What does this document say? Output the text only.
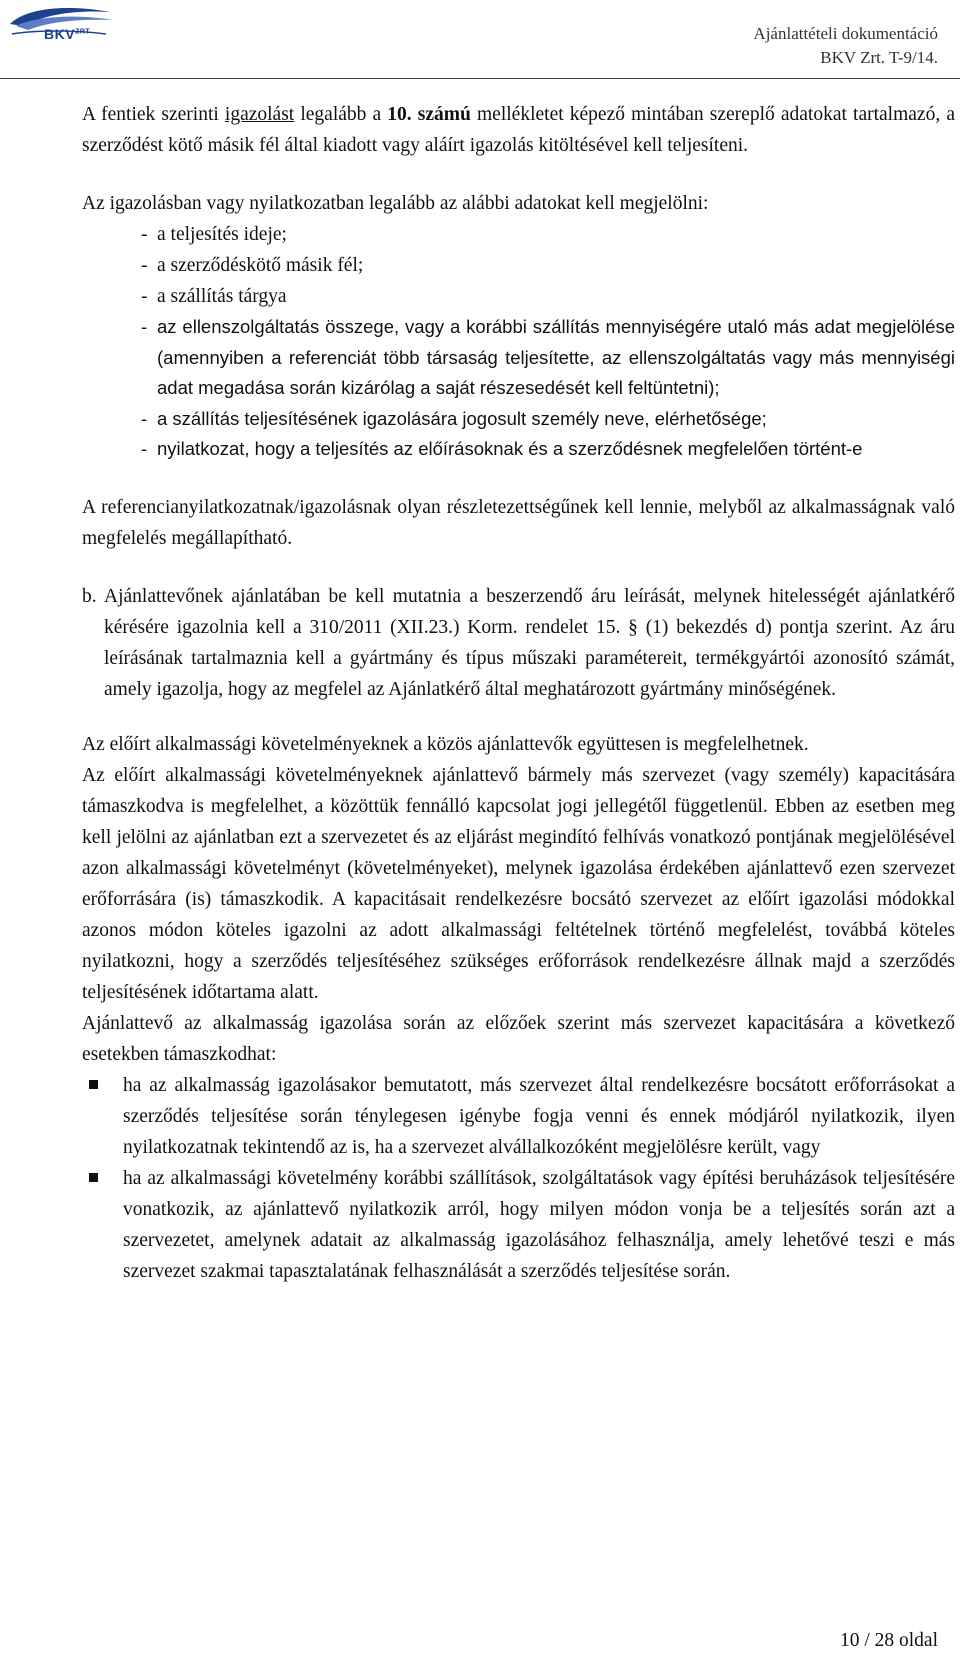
$BKV^{ZRT}$	Ajánlattételi dokumentáció
BKV Zrt. T-9/14.

A fentiek szerinti igazolást legalább a 10. számú mellékletet képező mintában szereplő adatokat tartalmazó, a szerződést kötő másik fél által kiadott vagy aláírt igazolás kitöltésével kell teljesíteni.

Az igazolásban vagy nyilatkozatban legalább az alábbi adatokat kell megjelölni:

- a teljesítés ideje;
- a szerződéskötő másik fél;
- a szállítás tárgya
- az ellenszolgáltatás összege, vagy a korábbi szállítás mennyiségére utaló más adat megjelölése (amennyiben a referenciát több társaság teljesítette, az ellenszolgáltatás vagy más mennyiségi adat megadása során kizárólag a saját részesedését kell feltüntetni);
- a szállítás teljesítésének igazolására jogosult személy neve, elérhetősége;
- nyilatkozat, hogy a teljesítés az előírásoknak és a szerződésnek megfelelően történt-e

A referencianyilatkozatnak/igazolásnak olyan részletezettségűnek kell lennie, melyből az alkalmasságnak való megfelelés megállapítható.

b. Ajánlattevőnek ajánlatában be kell mutatnia a beszerzendő áru leírását, melynek hitelességét ajánlatkérő kérésére igazolnia kell a 310/2011 (XII.23.) Korm. rendelet 15. § (1) bekezdés d) pontja szerint. Az áru leírásának tartalmaznia kell a gyártmány és típus műszaki paramétereit, termékgyártói azonosító számát, amely igazolja, hogy az megfelel az Ajánlatkérő által meghatározott gyártmány minőségének.

Az előírt alkalmassági követelményeknek a közös ajánlattevők együttesen is megfelelhetnek.

Az előírt alkalmassági követelményeknek ajánlattevő bármely más szervezet (vagy személy) kapacitására támaszkodva is megfelelhet, a közöttük fennálló kapcsolat jogi jellegétől függetlenül. Ebben az esetben meg kell jelölni az ajánlatban ezt a szervezetet és az eljárást megindító felhívás vonatkozó pontjának megjelölésével azon alkalmassági követelményt (követelményeket), melynek igazolása érdekében ajánlattevő ezen szervezet erőforrására (is) támaszkodik. A kapacitásait rendelkezésre bocsátó szervezet az előírt igazolási módokkal azonos módon köteles igazolni az adott alkalmassági feltételnek történő megfelelést, továbbá köteles nyilatkozni, hogy a szerződés teljesítéséhez szükséges erőforrások rendelkezésre állnak majd a szerződés teljesítésének időtartama alatt.

Ajánlattevő az alkalmasság igazolása során az előzőek szerint más szervezet kapacitására a következő esetekben támaszkodhat:

ha az alkalmasság igazolásakor bemutatott, más szervezet által rendelkezésre bocsátott erőforrásokat a szerződés teljesítése során ténylegesen igénybe fogja venni és ennek módjáról nyilatkozik, ilyen nyilatkozatnak tekintendő az is, ha a szervezet alvállalkozóként megjelölésre került, vagy
ha az alkalmassági követelmény korábbi szállítások, szolgáltatások vagy építési beruházások teljesítésére vonatkozik, az ajánlattevő nyilatkozik arról, hogy milyen módon vonja be a teljesítés során azt a szervezetet, amelynek adatait az alkalmasság igazolásához felhasználja, amely lehetővé teszi e más szervezet szakmai tapasztalatának felhasználását a szerződés teljesítése során.
10 / 28 oldal
